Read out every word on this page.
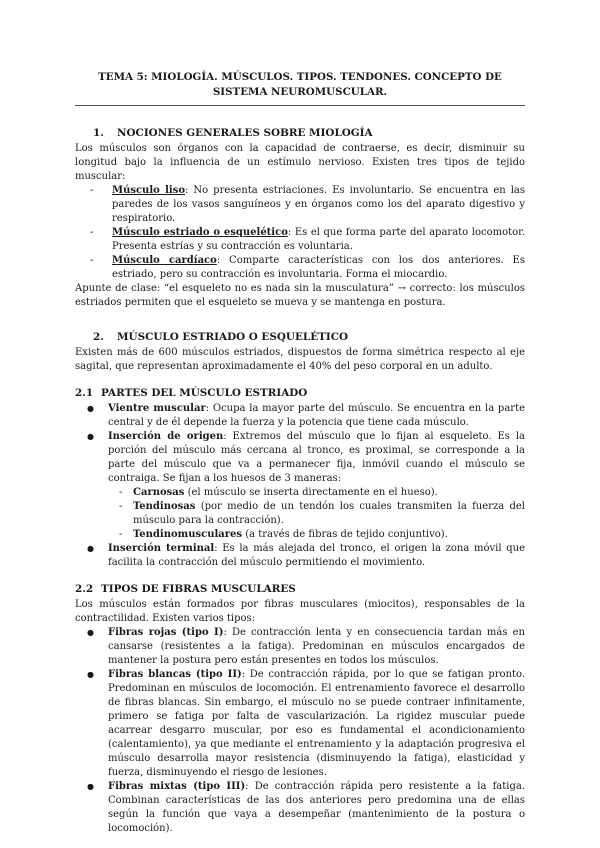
TEMA 5: MIOLOGÍA. MÚSCULOS. TIPOS. TENDONES. CONCEPTO DE SISTEMA NEUROMUSCULAR.

1. NOCIONES GENERALES SOBRE MIOLOGÍA

Los músculos son órganos con la capacidad de contraerse, es decir, disminuir su longitud bajo la influencia de un estímulo nervioso. Existen tres tipos de tejido muscular:

- Músculo liso: No presenta estriaciones. Es involuntario. Se encuentra en las paredes de los vasos sanguíneos y en órganos como los del aparato digestivo y respiratorio.
- Músculo estriado o esquelético: Es el que forma parte del aparato locomotor. Presenta estrías y su contracción es voluntaria.
- Músculo cardíaco: Comparte características con los dos anteriores. Es estriado, pero su contracción es involuntaria. Forma el miocardio.

Apunte de clase: “el esqueleto no es nada sin la musculatura” → correcto: los músculos estriados permiten que el esqueleto se mueva y se mantenga en postura.

2. MÚSCULO ESTRIADO O ESQUELÉTICO

Existen más de 600 músculos estriados, dispuestos de forma simétrica respecto al eje sagital, que representan aproximadamente el 40% del peso corporal en un adulto.

2.1 PARTES DEL MÚSCULO ESTRIADO
● Vientre muscular: Ocupa la mayor parte del músculo. Se encuentra en la parte central y de él depende la fuerza y la potencia que tiene cada músculo.
● Inserción de origen: Extremos del músculo que lo fijan al esqueleto. Es la porción del músculo más cercana al tronco, es proximal, se corresponde a la parte del músculo que va a permanecer fija, inmóvil cuando el músculo se contraiga. Se fijan a los huesos de 3 maneras:
- Carnosas (el músculo se inserta directamente en el hueso).
- Tendinosas (por medio de un tendón los cuales transmiten la fuerza del músculo para la contracción).
- Tendinomusculares (a través de fibras de tejido conjuntivo).
● Inserción terminal: Es la más alejada del tronco, el origen la zona móvil que facilita la contracción del músculo permitiendo el movimiento.
2.2 TIPOS DE FIBRAS MUSCULARES

Los músculos están formados por fibras musculares (miocitos), responsables de la contractilidad. Existen varios tipos:

● Fibras rojas (tipo I): De contracción lenta y en consecuencia tardan más en cansarse (resistentes a la fatiga). Predominan en músculos encargados de mantener la postura pero están presentes en todos los músculos.
● Fibras blancas (tipo II): De contracción rápida, por lo que se fatigan pronto. Predominan en músculos de locomoción. El entrenamiento favorece el desarrollo de fibras blancas. Sin embargo, el músculo no se puede contraer infinitamente, primero se fatiga por falta de vascularización. La rigidez muscular puede acarrear desgarro muscular, por eso es fundamental el acondicionamiento (calentamiento), ya que mediante el entrenamiento y la adaptación progresiva el músculo desarrolla mayor resistencia (disminuyendo la fatiga), elasticidad y fuerza, disminuyendo el riesgo de lesiones.
● Fibras mixtas (tipo III): De contracción rápida pero resistente a la fatiga. Combinan características de las dos anteriores pero predomina una de ellas según la función que vaya a desempeñar (mantenimiento de la postura o locomoción).
